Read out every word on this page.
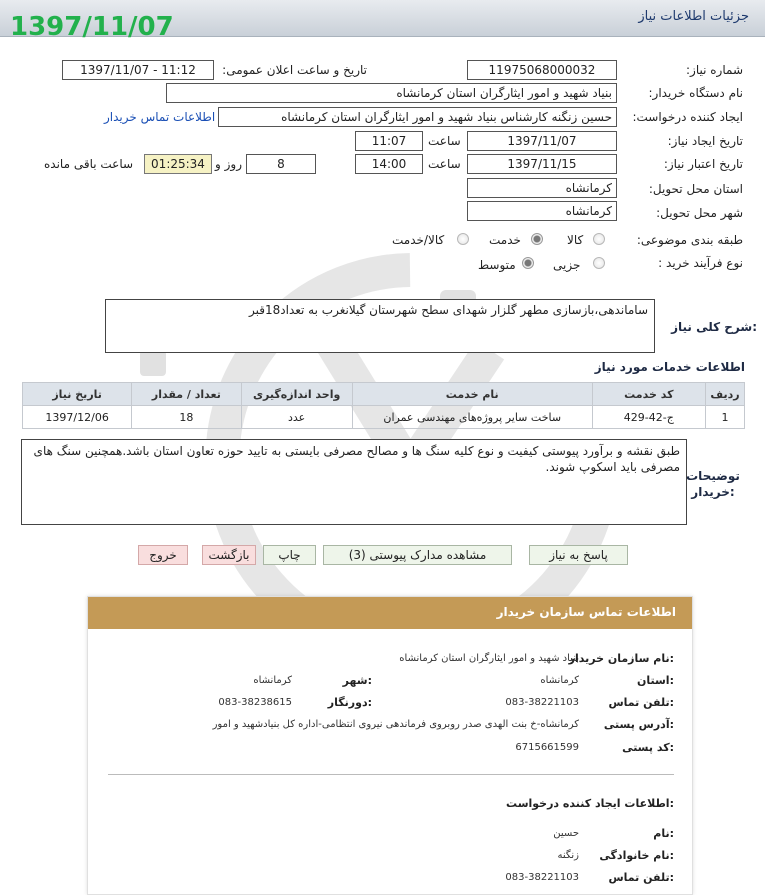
جزئیات اطلاعات نیاز
1397/11/07
شماره نیاز:
11975068000032
تاریخ و ساعت اعلان عمومی:
1397/11/07 - 11:12
نام دستگاه خریدار:
بنیاد شهید و امور ایثارگران استان کرمانشاه
ایجاد کننده درخواست:
حسین زنگنه کارشناس بنیاد شهید و امور ایثارگران استان کرمانشاه
اطلاعات تماس خریدار
تاریخ ایجاد نیاز:
1397/11/07
ساعت
11:07
تاریخ اعتبار نیاز:
1397/11/15
ساعت
14:00
8
روز و
01:25:34
ساعت باقی مانده
استان محل تحویل:
کرمانشاه
شهر محل تحویل:
کرمانشاه
طبقه بندی موضوعی:
کالا
خدمت
کالا/خدمت
نوع فرآیند خرید :
جزیی
متوسط
ساماندهی،بازسازی مطهر گلزار شهدای سطح شهرستان گیلانغرب به تعداد18قبر
شرح کلی نیاز:
اطلاعات خدمات مورد نیاز
ردیف	کد خدمت	نام خدمت	واحد اندازه‌گیری	تعداد / مقدار	تاریخ نیاز
1	ج-42-429	ساخت سایر پروژه‌های مهندسی عمران	عدد	18	1397/12/06
طبق نقشه و برآورد پیوستی کیفیت و نوع کلیه سنگ ها و مصالح مصرفی بایستی به تایید حوزه تعاون استان باشد.همچنین سنگ های مصرفی باید اسکوپ شوند.
توضیحات خریدار:
پاسخ به نیاز
مشاهده مدارک پیوستی (3)
چاپ
بازگشت
خروج
اطلاعات تماس سازمان خریدار
نام سازمان خریدار:
بنیاد شهید و امور ایثارگران استان کرمانشاه
استان:
کرمانشاه
شهر:
کرمانشاه
تلفن تماس:
083-38221103
دورنگار:
083-38238615
آدرس پستی:
کرمانشاه-خ بنت الهدی صدر روبروی فرماندهی نیروی انتظامی-اداره کل بنیادشهید و امور
کد پستی:
6715661599
اطلاعات ایجاد کننده درخواست:
نام:
حسین
نام خانوادگی:
زنگنه
تلفن تماس:
083-38221103
